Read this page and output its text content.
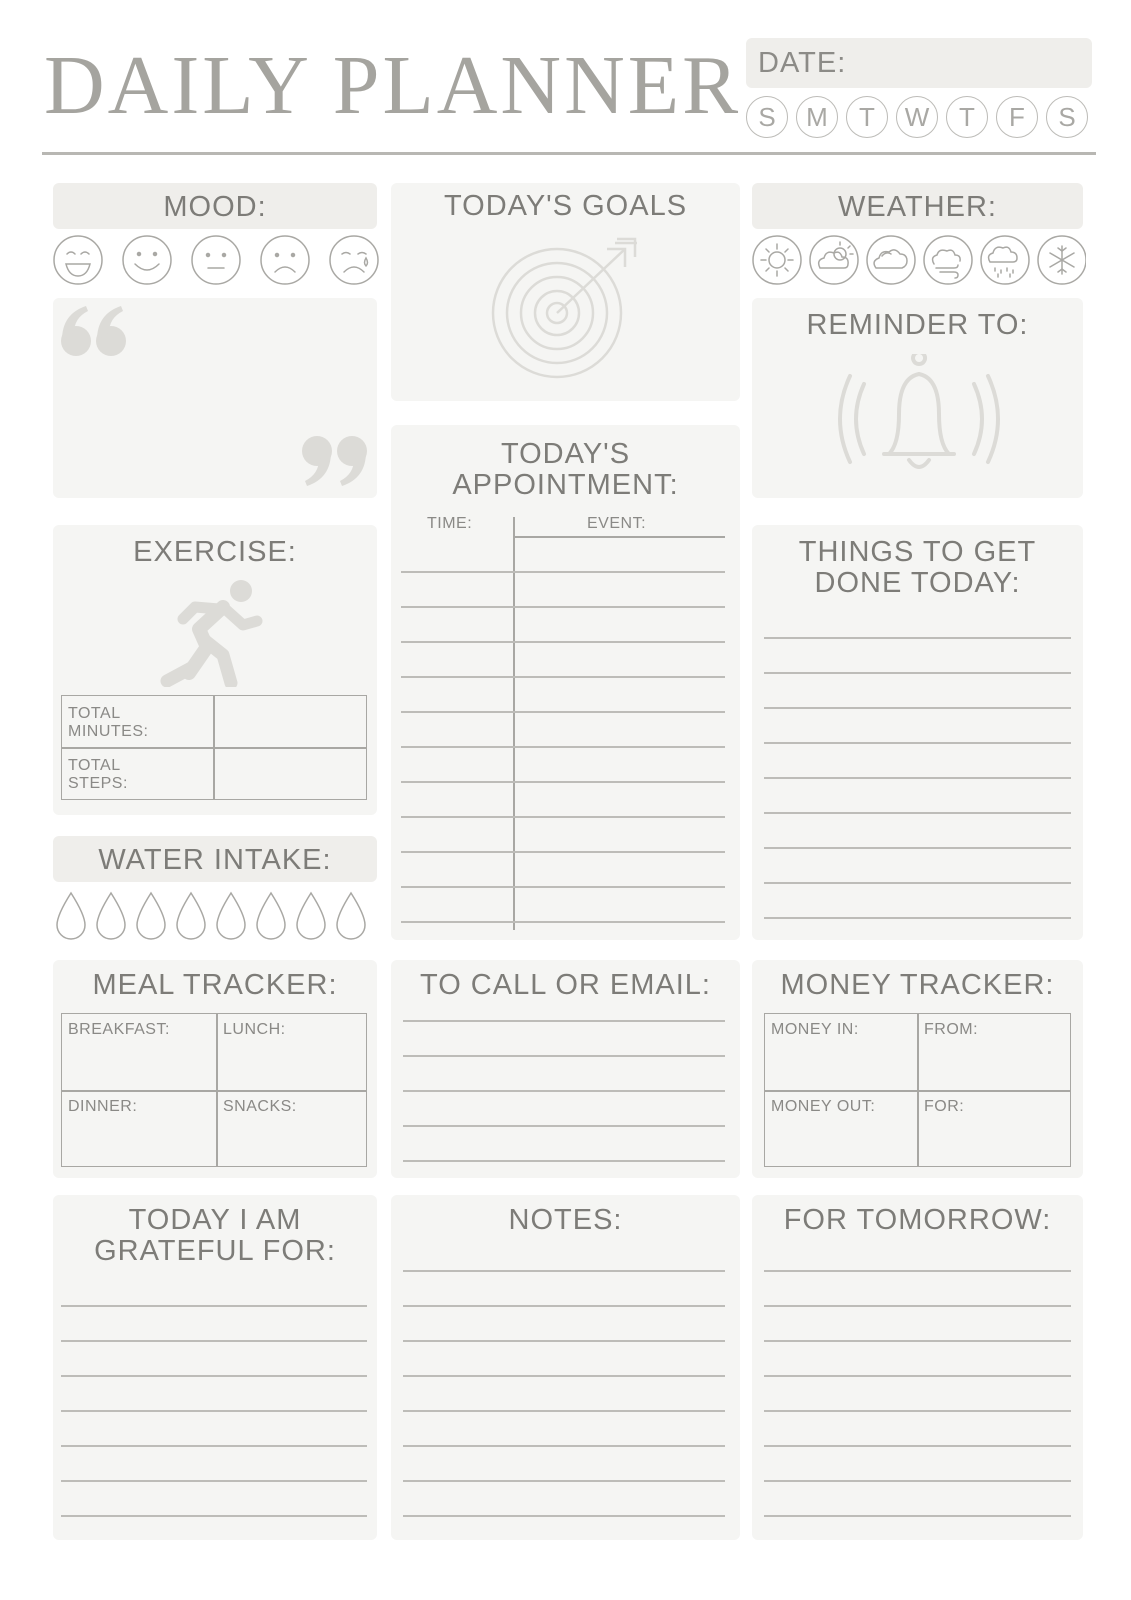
DAILY PLANNER DATE:
S	M	T	W	T	F	S
MOOD:	TODAY'S GOALS	WEATHER:
REMINDER TO:
EXERCISE:
TOTAL
MINUTES:
TOTAL
STEPS:
WATER INTAKE:
TODAY'S
APPOINTMENT:
TIME:	EVENT:
THINGS TO GET
DONE TODAY:
MEAL TRACKER:
BREAKFAST:	LUNCH:
DINNER:	SNACKS:
TO CALL OR EMAIL:	MONEY TRACKER:
MONEY IN:	FROM:
MONEY OUT:	FOR:
TODAY I AM
GRATEFUL FOR:
NOTES:	FOR TOMORROW:
